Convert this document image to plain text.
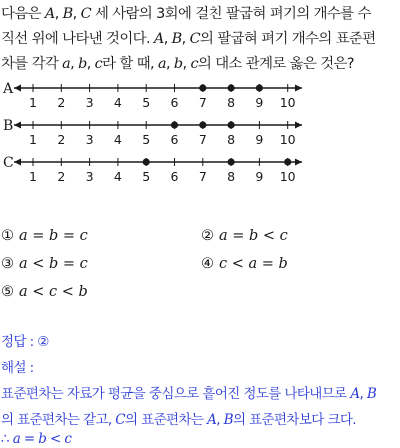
다음은 A, B, C 세 사람의 3회에 걸친 팔굽혀 펴기의 개수를 수
직선 위에 나타낸 것이다. A, B, C의 팔굽혀 펴기 개수의 표준편
차를 각각 a, b, c라 할 때, a, b, c의 대소 관계로 옳은 것은?
A
1 2 3 4 5 6 7 8 9 10
B
1 2 3 4 5 6 7 8 9 10
C
1 2 3 4 5 6 7 8 9 10
① a = b = c	② a = b < c
③ a < b = c	④ c < a = b
⑤ a < c < b
정답 : ②
해설 :
표준편차는 자료가 평균을 중심으로 흩어진 정도를 나타내므로 A, B
의 표준편차는 같고, C의 표준편차는 A, B의 표준편차보다 크다.
∴ a = b < c
